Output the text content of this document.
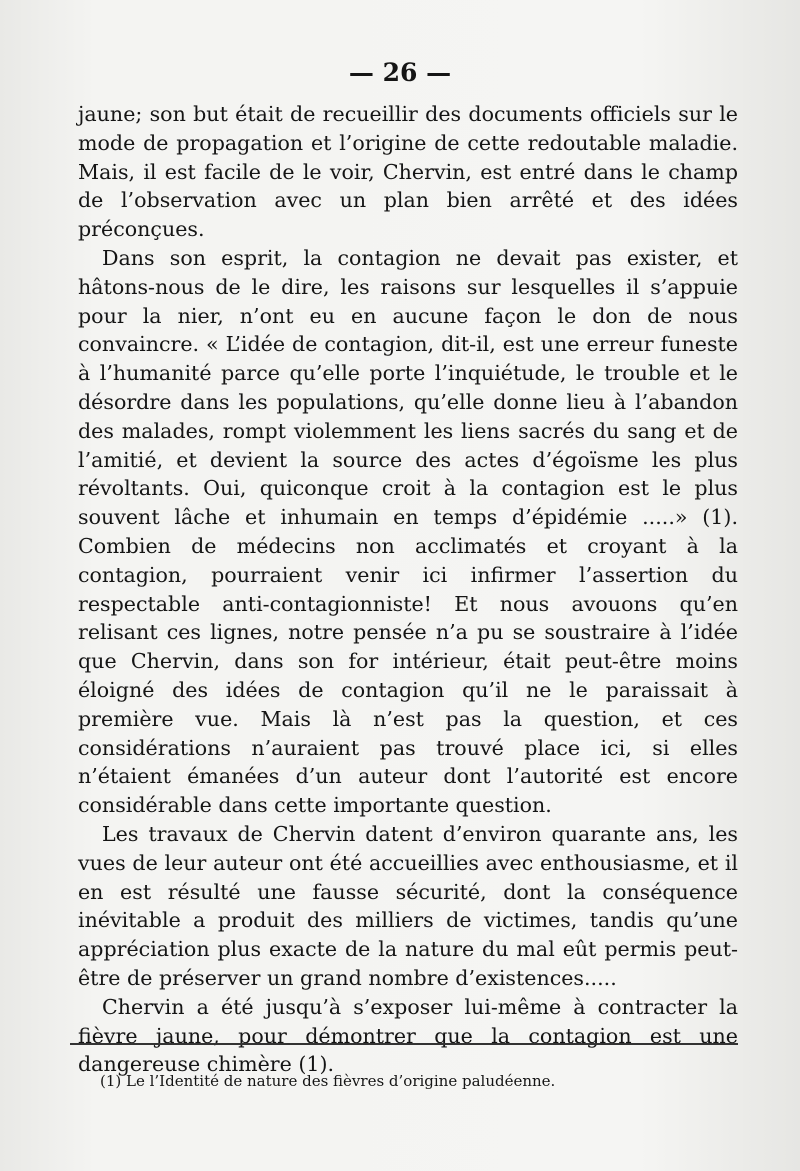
— 26 —

jaune; son but était de recueillir des documents officiels sur le mode de propagation et l’origine de cette redoutable maladie. Mais, il est facile de le voir, Chervin, est entré dans le champ de l’observation avec un plan bien arrêté et des idées préconçues.

Dans son esprit, la contagion ne devait pas exister, et hâtons-nous de le dire, les raisons sur lesquelles il s’appuie pour la nier, n’ont eu en aucune façon le don de nous convaincre. « L’idée de contagion, dit-il, est une erreur funeste à l’humanité parce qu’elle porte l’inquiétude, le trouble et le désordre dans les populations, qu’elle donne lieu à l’abandon des malades, rompt violemment les liens sacrés du sang et de l’amitié, et devient la source des actes d’égoïsme les plus révoltants. Oui, quiconque croit à la contagion est le plus souvent lâche et inhumain en temps d’épidémie .....» (1). Combien de médecins non acclimatés et croyant à la contagion, pourraient venir ici infirmer l’assertion du respectable anti-contagionniste! Et nous avouons qu’en relisant ces lignes, notre pensée n’a pu se soustraire à l’idée que Chervin, dans son for intérieur, était peut-être moins éloigné des idées de contagion qu’il ne le paraissait à première vue. Mais là n’est pas la question, et ces considérations n’auraient pas trouvé place ici, si elles n’étaient émanées d’un auteur dont l’autorité est encore considérable dans cette importante question.

Les travaux de Chervin datent d’environ quarante ans, les vues de leur auteur ont été accueillies avec enthousiasme, et il en est résulté une fausse sécurité, dont la conséquence inévitable a produit des milliers de victimes, tandis qu’une appréciation plus exacte de la nature du mal eût permis peut-être de préserver un grand nombre d’existences.....

Chervin a été jusqu’à s’exposer lui-même à contracter la fièvre jaune, pour démontrer que la contagion est une dangereuse chimère (1).

(1) Le l’Identité de nature des fièvres d’origine paludéenne.
